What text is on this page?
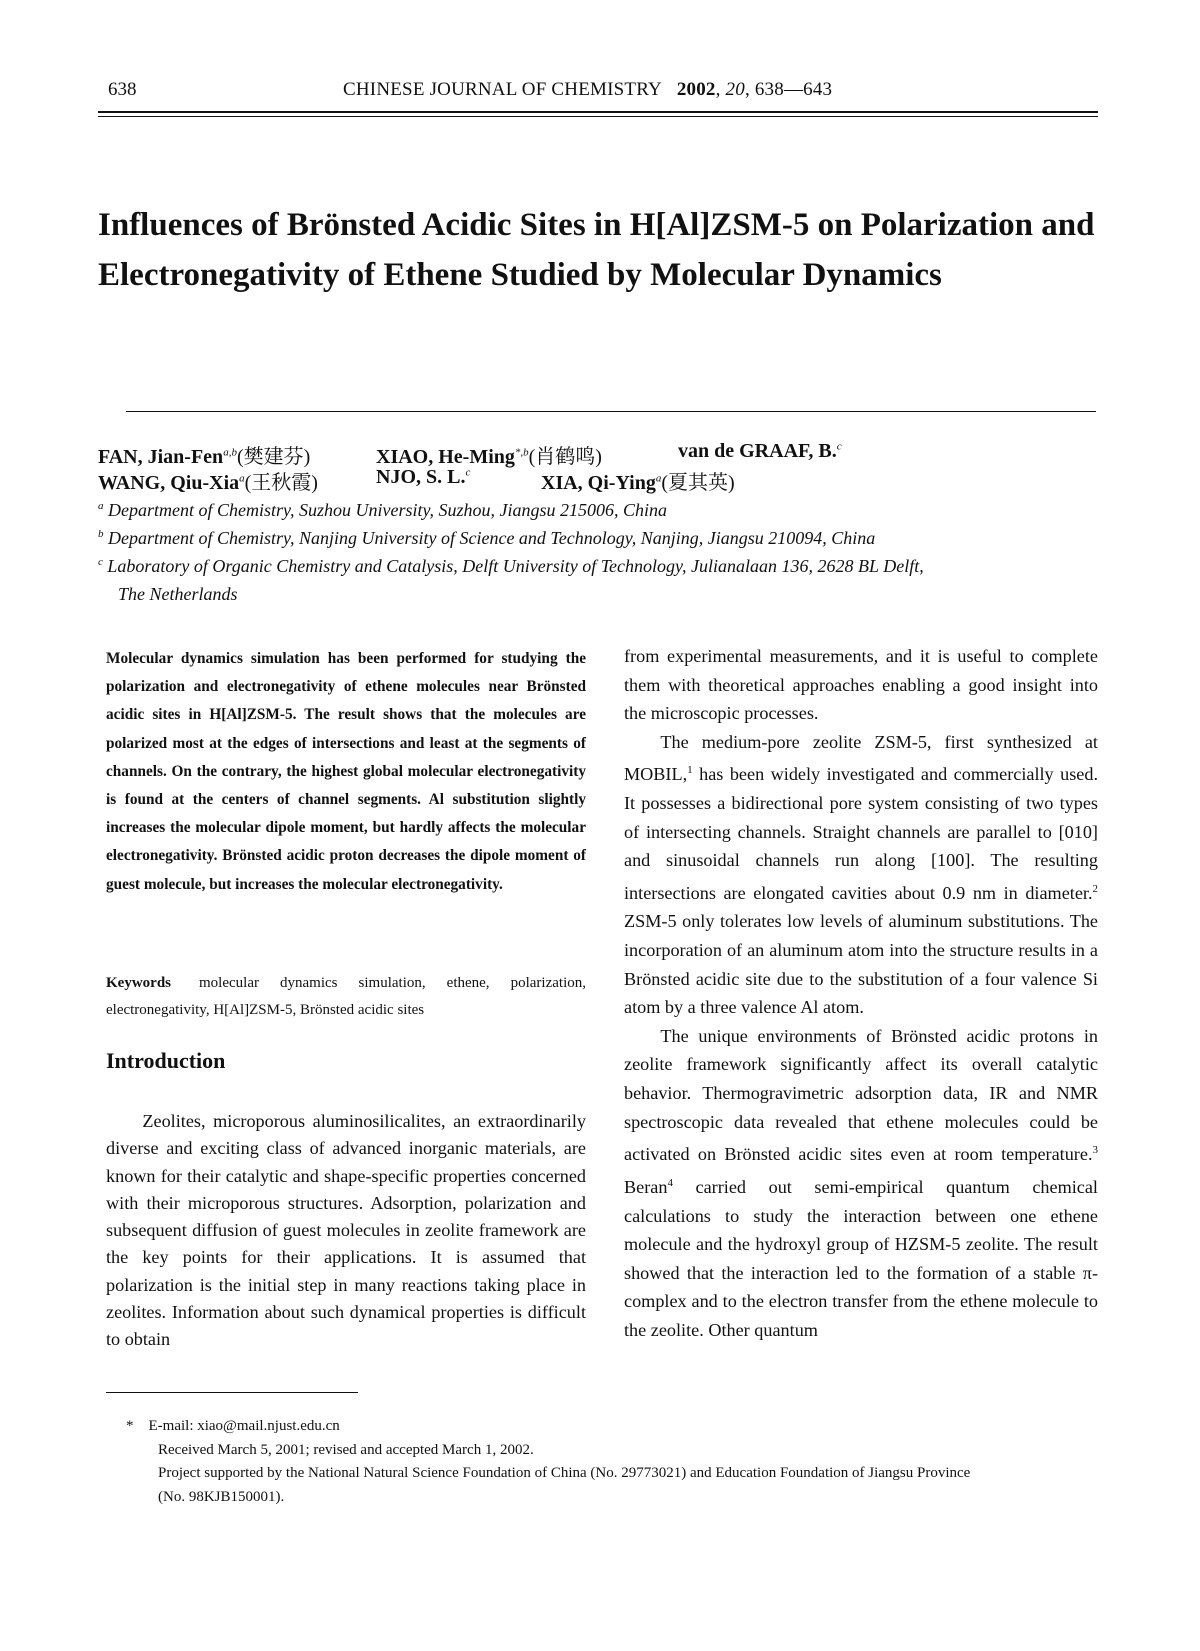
638	CHINESE JOURNAL OF CHEMISTRY 2002, 20, 638—643
Influences of Brönsted Acidic Sites in H[Al]ZSM-5 on Polarization and Electronegativity of Ethene Studied by Molecular Dynamics
FAN, Jian-Fen$^{a,b}$(樊建芬)	XIAO, He-Ming$^{*,b}$(肖鹤鸣)	van de GRAAF, B.$^c$
WANG, Qiu-Xia$^a$(王秋霞)	NJO, S. L.$^c$	XIA, Qi-Ying$^a$(夏其英)
$^a$ Department of Chemistry, Suzhou University, Suzhou, Jiangsu 215006, China
$^b$ Department of Chemistry, Nanjing University of Science and Technology, Nanjing, Jiangsu 210094, China
$^c$ Laboratory of Organic Chemistry and Catalysis, Delft University of Technology, Julianalaan 136, 2628 BL Delft,
The Netherlands

Molecular dynamics simulation has been performed for studying the polarization and electronegativity of ethene molecules near Brönsted acidic sites in H[Al]ZSM-5. The result shows that the molecules are polarized most at the edges of intersections and least at the segments of channels. On the contrary, the highest global molecular electronegativity is found at the centers of channel segments. Al substitution slightly increases the molecular dipole moment, but hardly affects the molecular electronegativity. Brönsted acidic proton decreases the dipole moment of guest molecule, but increases the molecular electronegativity.

Keywords molecular dynamics simulation, ethene, polarization, electronegativity, H[Al]ZSM-5, Brönsted acidic sites

Introduction

Zeolites, microporous aluminosilicalites, an extraordinarily diverse and exciting class of advanced inorganic materials, are known for their catalytic and shape-specific properties concerned with their microporous structures. Adsorption, polarization and subsequent diffusion of guest molecules in zeolite framework are the key points for their applications. It is assumed that polarization is the initial step in many reactions taking place in zeolites. Information about such dynamical properties is difficult to obtain

from experimental measurements, and it is useful to complete them with theoretical approaches enabling a good insight into the microscopic processes.

The medium-pore zeolite ZSM-5, first synthesized at MOBIL,$^1$ has been widely investigated and commercially used. It possesses a bidirectional pore system consisting of two types of intersecting channels. Straight channels are parallel to [010] and sinusoidal channels run along [100]. The resulting intersections are elongated cavities about 0.9 nm in diameter.$^2$ ZSM-5 only tolerates low levels of aluminum substitutions. The incorporation of an aluminum atom into the structure results in a Brönsted acidic site due to the substitution of a four valence Si atom by a three valence Al atom.

The unique environments of Brönsted acidic protons in zeolite framework significantly affect its overall catalytic behavior. Thermogravimetric adsorption data, IR and NMR spectroscopic data revealed that ethene molecules could be activated on Brönsted acidic sites even at room temperature.$^3$ Beran$^4$ carried out semi-empirical quantum chemical calculations to study the interaction between one ethene molecule and the hydroxyl group of HZSM-5 zeolite. The result showed that the interaction led to the formation of a stable π-complex and to the electron transfer from the ethene molecule to the zeolite. Other quantum

* E-mail: xiao@mail.njust.edu.cn

Received March 5, 2001; revised and accepted March 1, 2002.

Project supported by the National Natural Science Foundation of China (No. 29773021) and Education Foundation of Jiangsu Province

(No. 98KJB150001).
